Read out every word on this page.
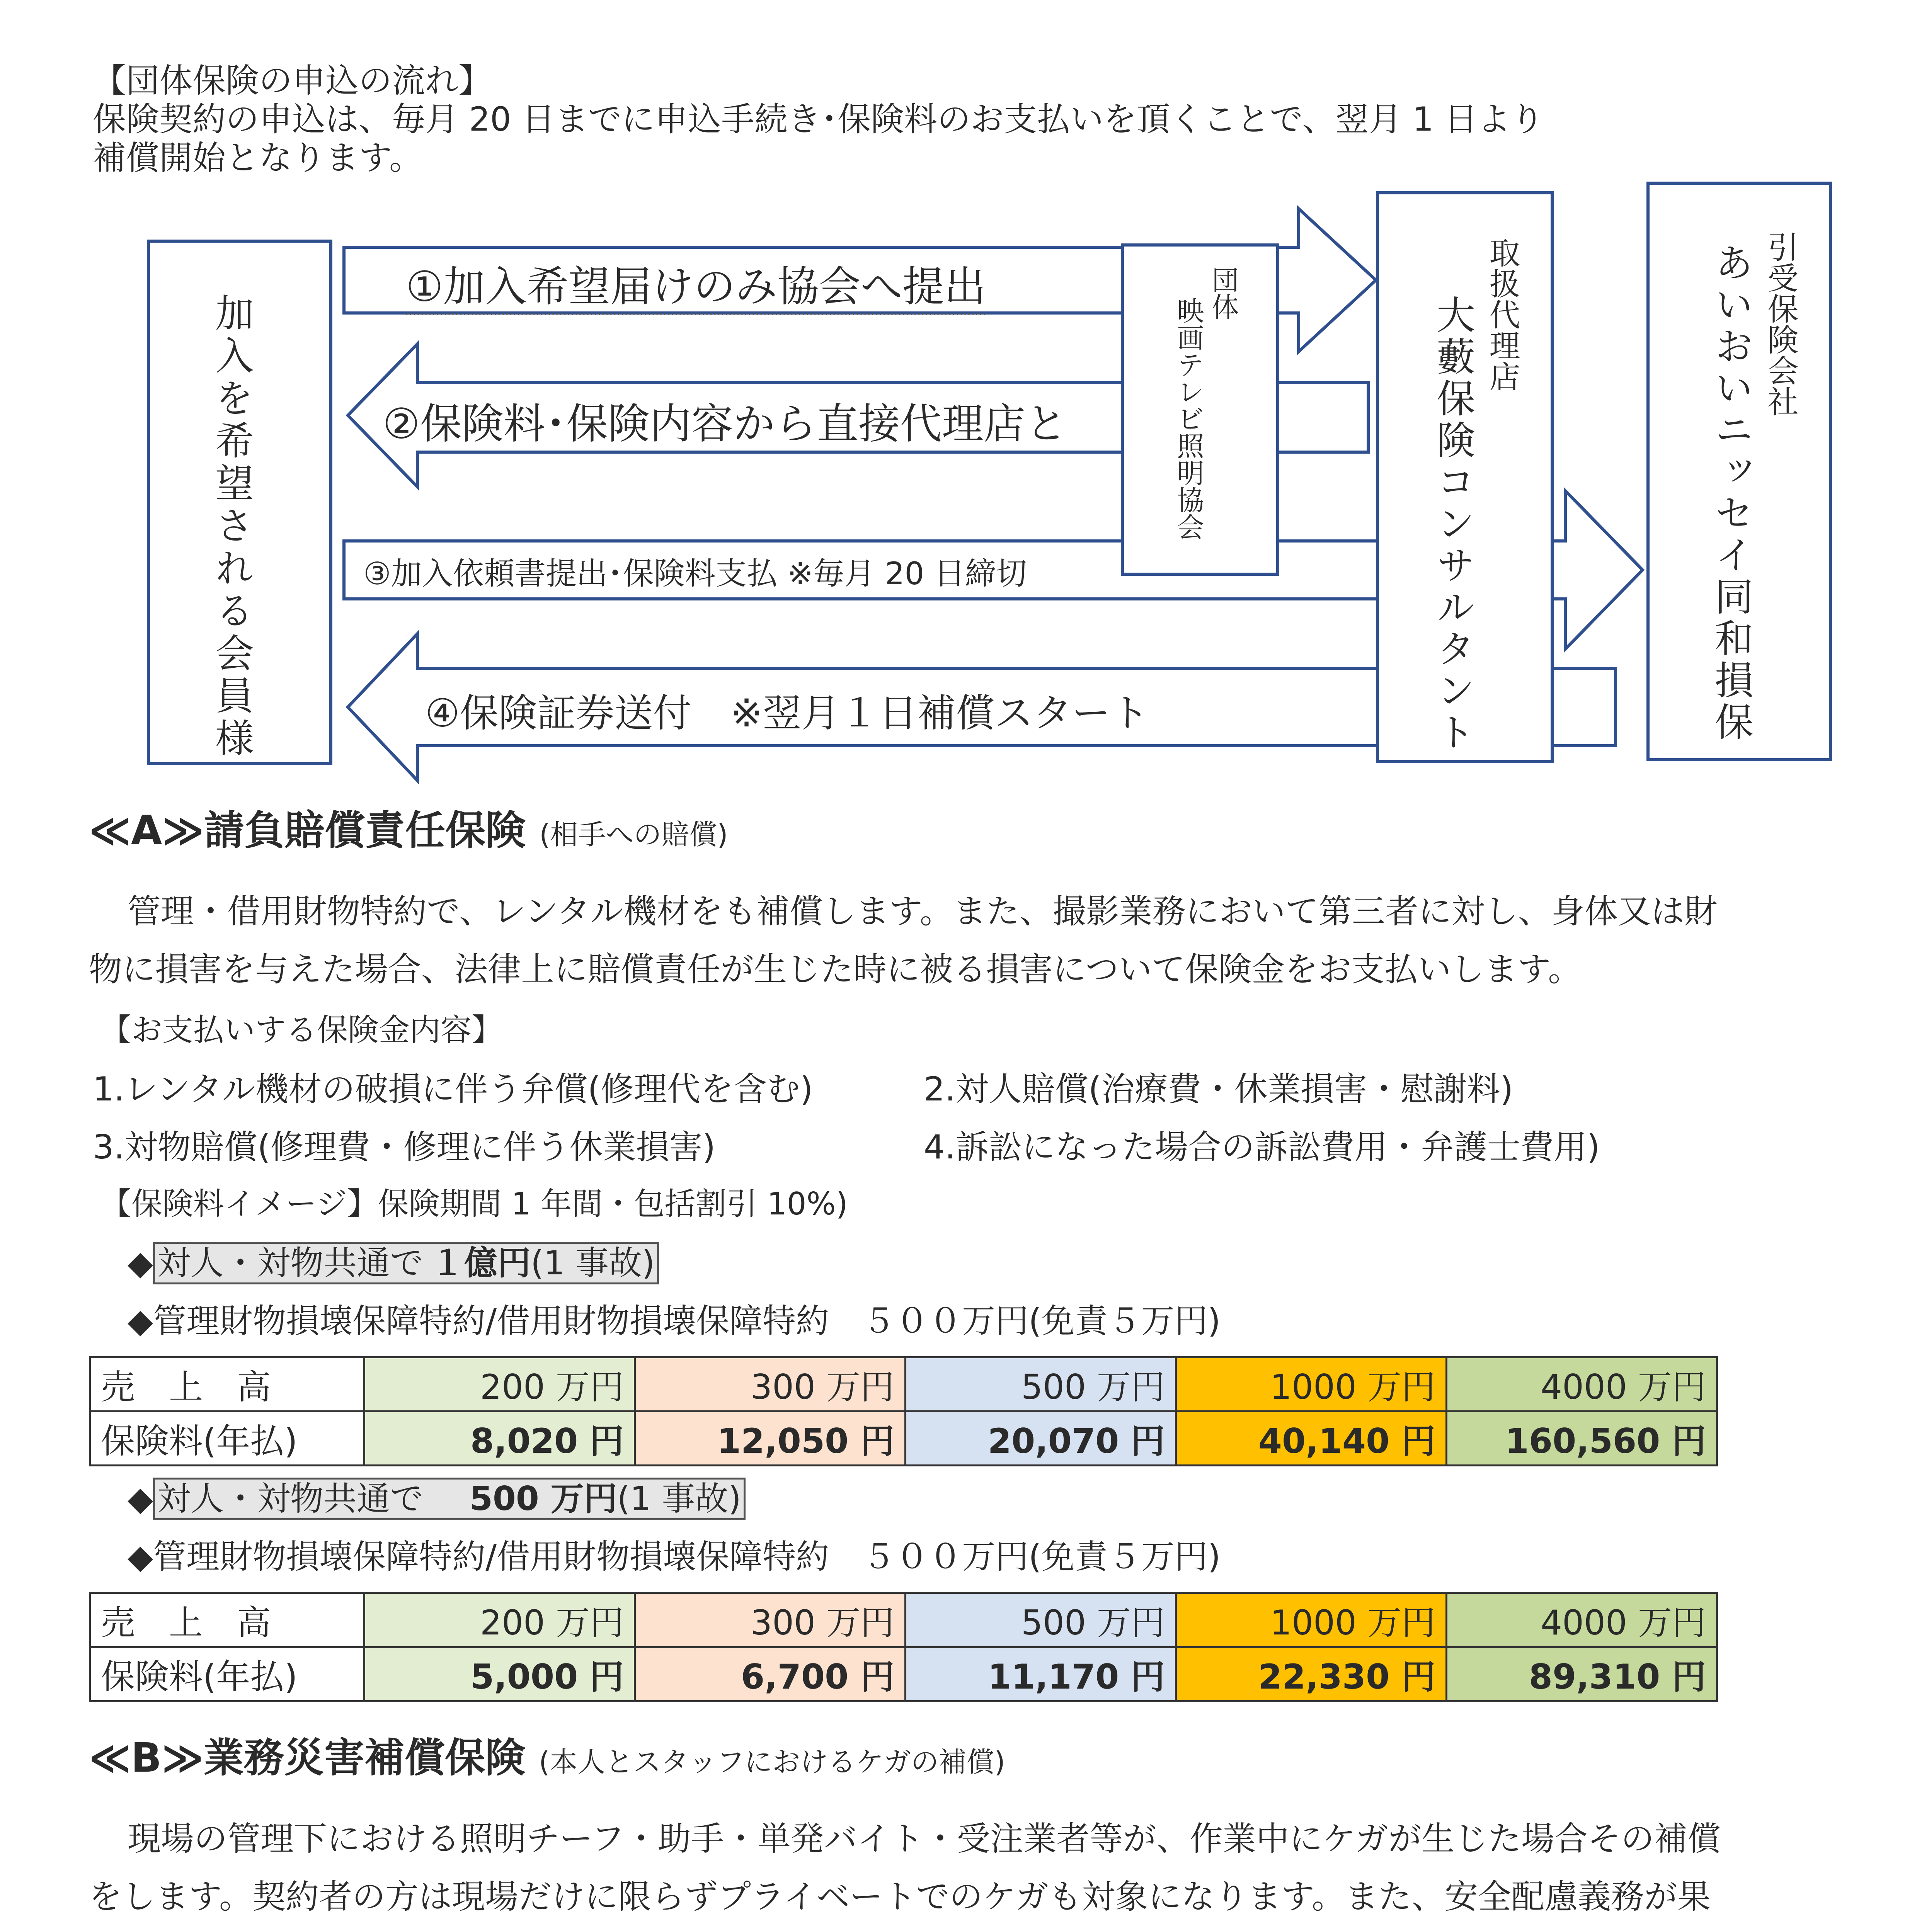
【団体保険の申込の流れ】
保険契約の申込は、毎月 20 日までに申込手続き･保険料のお支払いを頂くことで、翌月 1 日より
補償開始となります。
加入を希望される会員様	団体
映画テレビ照明協会	取扱代理店
大藪保険コンサルタント	引受保険会社
あいおいニッセイ同和損保
①加入希望届けのみ協会へ提出
②保険料･保険内容から直接代理店と
③加入依頼書提出･保険料支払 ※毎月 20 日締切
④保険証券送付　※翌月１日補償スタート
≪A≫請負賠償責任保険 (相手への賠償)
管理・借用財物特約で、レンタル機材をも補償します。また、撮影業務において第三者に対し、身体又は財
物に損害を与えた場合、法律上に賠償責任が生じた時に被る損害について保険金をお支払いします。
【お支払いする保険金内容】
1.レンタル機材の破損に伴う弁償(修理代を含む)	2.対人賠償(治療費・休業損害・慰謝料)
3.対物賠償(修理費・修理に伴う休業損害)	4.訴訟になった場合の訴訟費用・弁護士費用)
【保険料イメージ】保険期間 1 年間・包括割引 10%)
◆ 対人・対物共通で １億円(1 事故)
◆管理財物損壊保障特約/借用財物損壊保障特約　５００万円(免責５万円)
売　上　高	200 万円	300 万円	500 万円	1000 万円	4000 万円
保険料(年払)	8,020 円	12,050 円	20,070 円	40,140 円	160,560 円
◆ 対人・対物共通で 500 万円(1 事故)
◆管理財物損壊保障特約/借用財物損壊保障特約　５００万円(免責５万円)
売　上　高	200 万円	300 万円	500 万円	1000 万円	4000 万円
保険料(年払)	5,000 円	6,700 円	11,170 円	22,330 円	89,310 円
≪B≫業務災害補償保険 (本人とスタッフにおけるケガの補償)
現場の管理下における照明チーフ・助手・単発バイト・受注業者等が、作業中にケガが生じた場合その補償
をします。契約者の方は現場だけに限らずプライベートでのケガも対象になります。また、安全配慮義務が果
